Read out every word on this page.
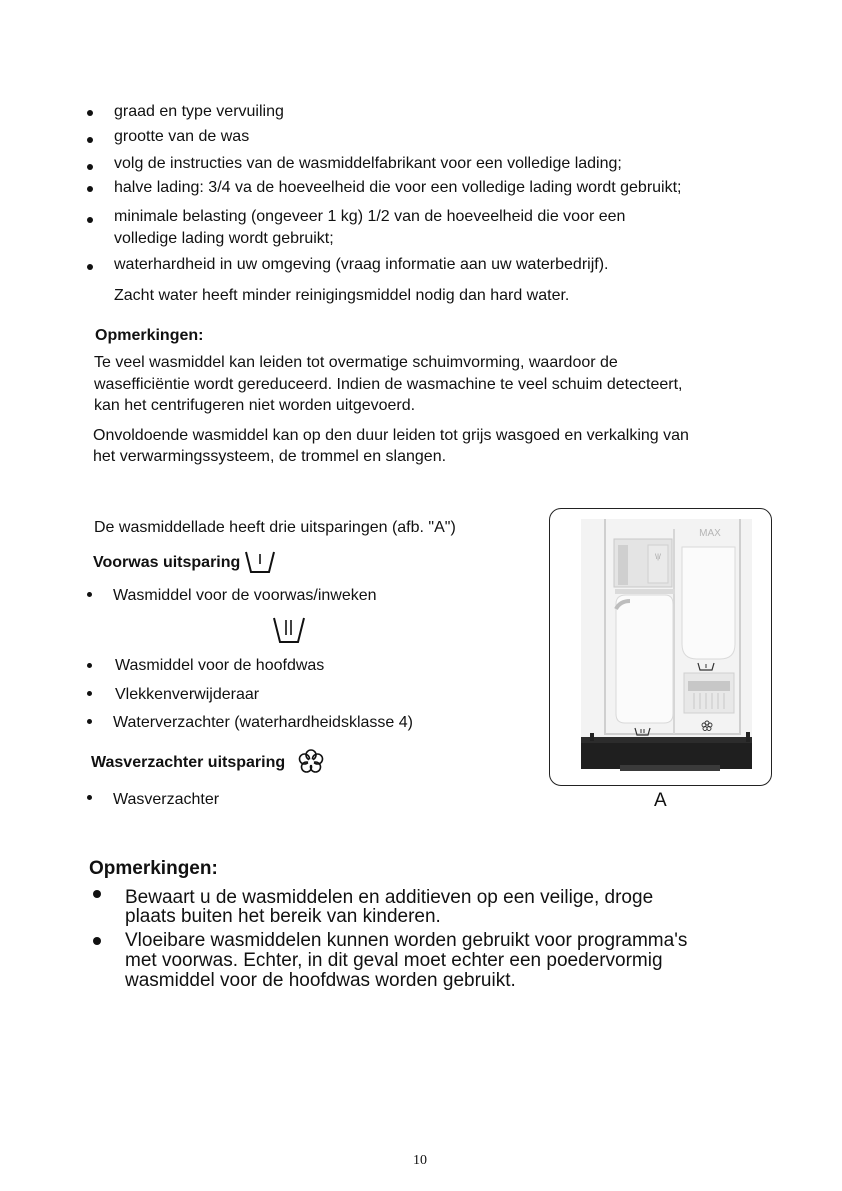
graad en type vervuiling
grootte van de was
volg de instructies van de wasmiddelfabrikant voor een volledige lading;
halve lading: 3/4 va de hoeveelheid die voor een volledige lading wordt gebruikt;
minimale belasting (ongeveer 1 kg) 1/2 van de hoeveelheid die voor een
volledige lading wordt gebruikt;
waterhardheid in uw omgeving (vraag informatie aan uw waterbedrijf).
Zacht water heeft minder reinigingsmiddel nodig dan hard water.
Opmerkingen:
Te veel wasmiddel kan leiden tot overmatige schuimvorming, waardoor de
wasefficiëntie wordt gereduceerd. Indien de wasmachine te veel schuim detecteert,
kan het centrifugeren niet worden uitgevoerd.
Onvoldoende wasmiddel kan op den duur leiden tot grijs wasgoed en verkalking van
het verwarmingssysteem, de trommel en slangen.
De wasmiddellade heeft drie uitsparingen (afb. "A")
Voorwas uitsparing
Wasmiddel voor de voorwas/inweken
Wasmiddel voor de hoofdwas
Vlekkenverwijderaar
Waterverzachter (waterhardheidsklasse 4)
Wasverzachter uitsparing
Wasverzachter
\|/
MAX
A
Opmerkingen:
Bewaart u de wasmiddelen en additieven op een veilige, droge
plaats buiten het bereik van kinderen.
Vloeibare wasmiddelen kunnen worden gebruikt voor programma's
met voorwas. Echter, in dit geval moet echter een poedervormig
wasmiddel voor de hoofdwas worden gebruikt.
10
